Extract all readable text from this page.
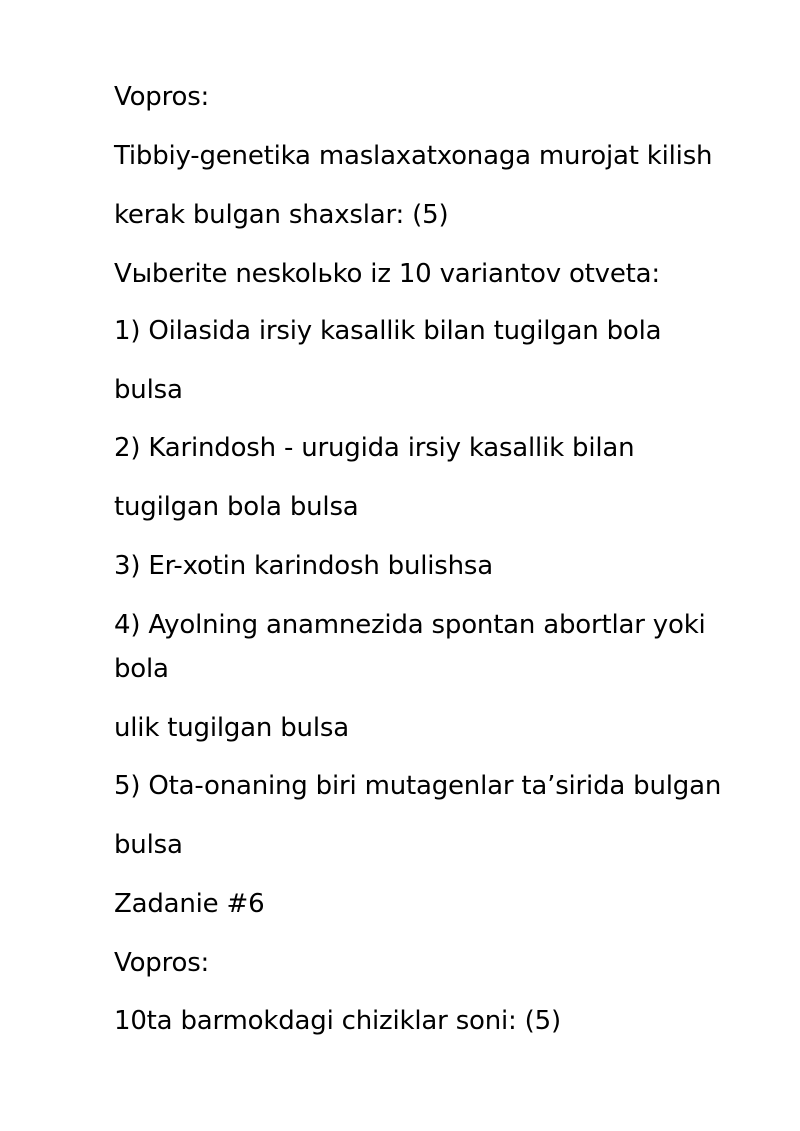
Vopros:

Tibbiy-genetika maslaxatxonaga murojat kilish

kerak bulgan shaxslar: (5)

Vыberite neskolьko iz 10 variantov otveta:

1) Oilasida irsiy kasallik bilan tugilgan bola

bulsa

2) Karindosh - urugida irsiy kasallik bilan

tugilgan bola bulsa

3) Er-xotin karindosh bulishsa

4) Ayolning anamnezida spontan abortlar yoki

bola

ulik tugilgan bulsa

5) Ota-onaning biri mutagenlar ta’sirida bulgan

bulsa

Zadanie #6

Vopros:

10ta barmokdagi chiziklar soni: (5)
